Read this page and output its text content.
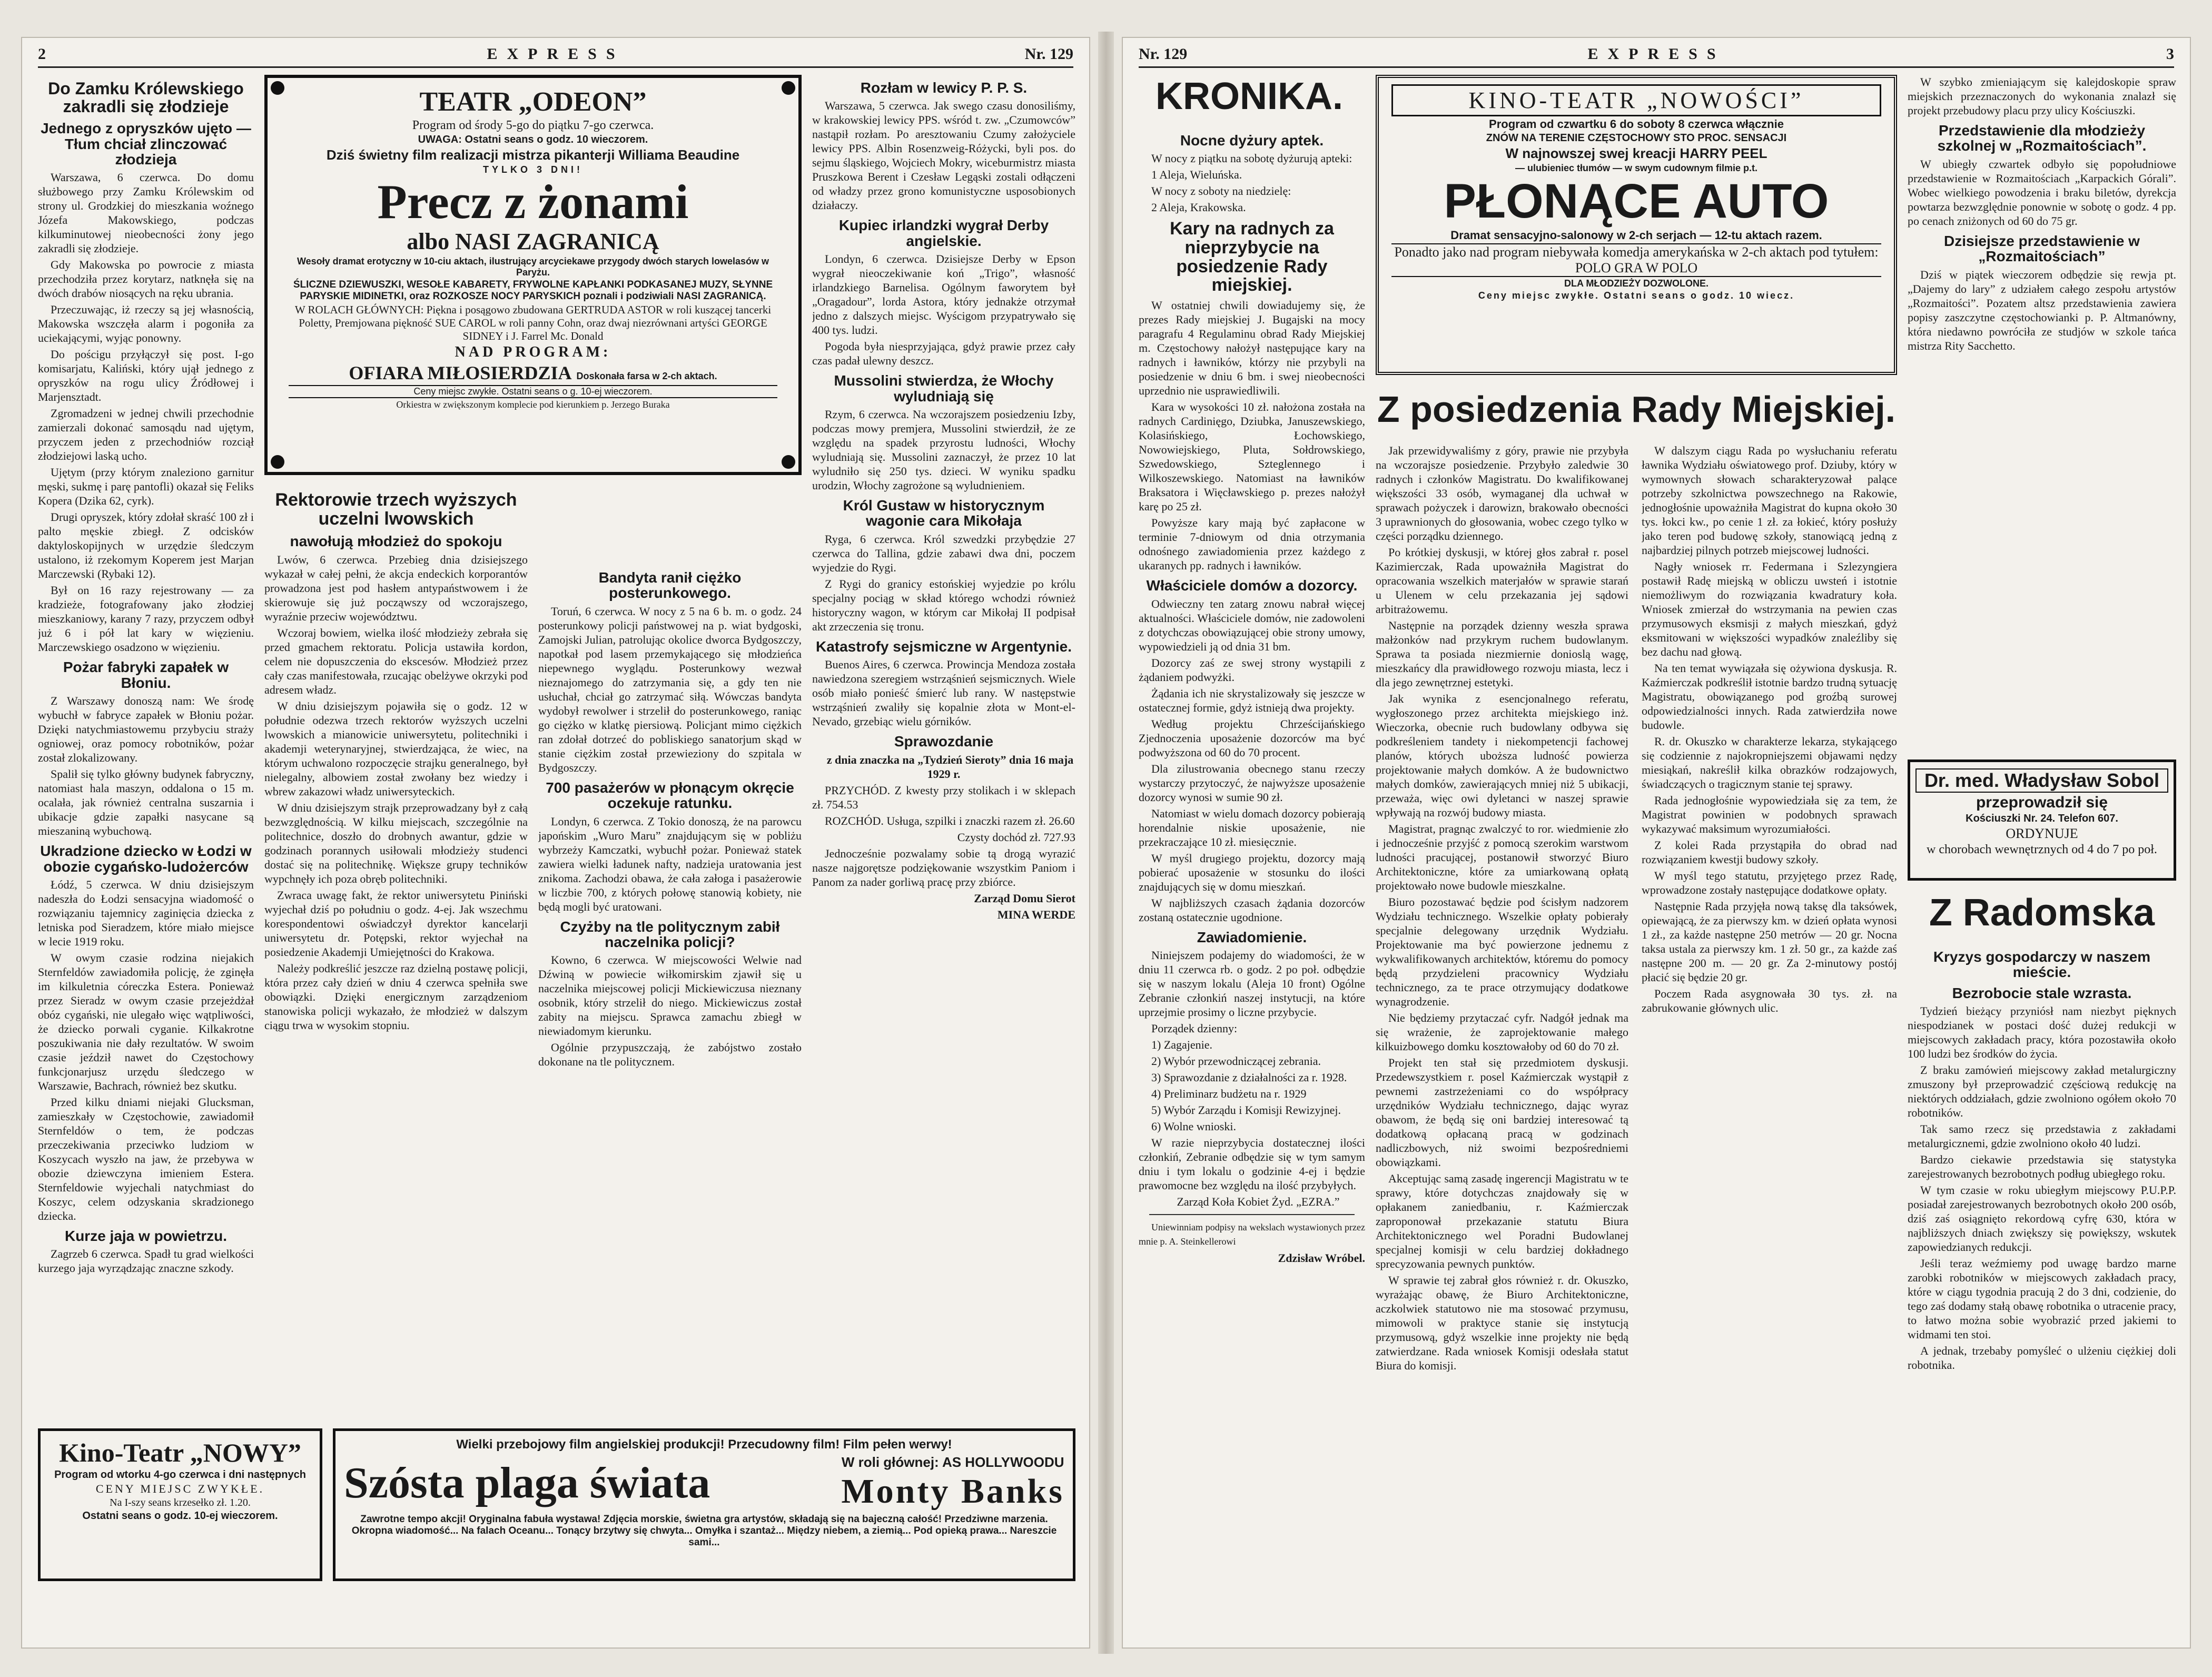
2	EXPRESS	Nr. 129
Do Zamku Królewskiego zakradli się złodzieje
Jednego z opryszków ujęto — Tłum chciał zlinczować złodzieja

Warszawa, 6 czerwca. Do domu służbowego przy Zamku Królewskim od strony ul. Grodzkiej do mieszkania woźnego Józefa Makowskiego, podczas kilkuminutowej nieobecności żony jego zakradli się złodzieje.

Gdy Makowska po powrocie z miasta przechodziła przez korytarz, natknęła się na dwóch drabów niosących na ręku ubrania.

Przeczuwając, iż rzeczy są jej własnością, Makowska wszczęła alarm i pogoniła za uciekającymi, wyjąc ponowny.

Do pościgu przyłączył się post. I-go komisarjatu, Kaliński, który ujął jednego z opryszków na rogu ulicy Źródłowej i Marjensztadt.

Zgromadzeni w jednej chwili przechodnie zamierzali dokonać samosądu nad ujętym, przyczem jeden z przechodniów rozciął złodziejowi laską ucho.

Ujętym (przy którym znaleziono garnitur męski, sukmę i parę pantofli) okazał się Feliks Kopera (Dzika 62, cyrk).

Drugi opryszek, który zdołał skraść 100 zł i palto męskie zbiegł. Z odcisków daktyloskopijnych w urzędzie śledczym ustalono, iż rzekomym Koperem jest Marjan Marczewski (Rybaki 12).

Był on 16 razy rejestrowany — za kradzieże, fotografowany jako złodziej mieszkaniowy, karany 7 razy, przyczem odbył już 6 i pół lat kary w więzieniu. Marczewskiego osadzono w więzieniu.

Pożar fabryki zapałek w Błoniu.

Z Warszawy donoszą nam: We środę wybuchł w fabryce zapałek w Błoniu pożar. Dzięki natychmiastowemu przybyciu straży ogniowej, oraz pomocy robotników, pożar został zlokalizowany.

Spalił się tylko główny budynek fabryczny, natomiast hala maszyn, oddalona o 15 m. ocalała, jak również centralna suszarnia i ubikacje gdzie zapałki nasycane są mieszaniną wybuchową.

Ukradzione dziecko w Łodzi w obozie cygańsko-ludożerców

Łódź, 5 czerwca. W dniu dzisiejszym nadeszła do Łodzi sensacyjna wiadomość o rozwiązaniu tajemnicy zaginięcia dziecka z letniska pod Sieradzem, które miało miejsce w lecie 1919 roku.

W owym czasie rodzina niejakich Sternfeldów zawiadomiła policję, że zginęła im kilkuletnia córeczka Estera. Ponieważ przez Sieradz w owym czasie przejeżdżał obóz cygański, nie ulegało więc wątpliwości, że dziecko porwali cyganie. Kilkakrotne poszukiwania nie dały rezultatów. W swoim czasie jeździł nawet do Częstochowy funkcjonarjusz urzędu śledczego w Warszawie, Bachrach, również bez skutku.

Przed kilku dniami niejaki Glucksman, zamieszkały w Częstochowie, zawiadomił Sternfeldów o tem, że podczas przeczekiwania przeciwko ludziom w Koszycach wyszło na jaw, że przebywa w obozie dziewczyna imieniem Estera. Sternfeldowie wyjechali natychmiast do Koszyc, celem odzyskania skradzionego dziecka.

Kurze jaja w powietrzu.

Zagrzeb 6 czerwca. Spadł tu grad wielkości kurzego jaja wyrządzając znaczne szkody.

TEATR „ODEON”
Program od środy 5-go do piątku 7-go czerwca.
UWAGA: Ostatni seans o godz. 10 wieczorem.
Dziś świetny film realizacji mistrza pikanterji Williama Beaudine
TYLKO 3 DNI!
Precz z żonami
albo NASI ZAGRANICĄ
Wesoły dramat erotyczny w 10-ciu aktach, ilustrujący arcyciekawe przygody dwóch starych lowelasów w Paryżu.
ŚLICZNE DZIEWUSZKI, WESOŁE KABARETY, FRYWOLNE KAPŁANKI PODKASANEJ MUZY, SŁYNNE PARYSKIE MIDINETKI, oraz ROZKOSZE NOCY PARYSKICH poznali i podziwiali NASI ZAGRANICĄ.
W ROLACH GŁÓWNYCH: Piękna i posągowo zbudowana GERTRUDA ASTOR w roli kuszącej tancerki Poletty, Premjowana piękność SUE CAROL w roli panny Cohn, oraz dwaj niezrównani artyści GEORGE SIDNEY i J. Farrel Mc. Donald
NAD PROGRAM:
OFIARA MIŁOSIERDZIA Doskonała farsa w 2-ch aktach.
Ceny miejsc zwykłe. Ostatni seans o g. 10-ej wieczorem.
Orkiestra w zwiększonym komplecie pod kierunkiem p. Jerzego Buraka
Rektorowie trzech wyższych uczelni lwowskich
nawołują młodzież do spokoju

Lwów, 6 czerwca. Przebieg dnia dzisiejszego wykazał w całej pełni, że akcja endeckich korporantów prowadzona jest pod hasłem antypaństwowem i że skierowuje się już począwszy od wczorajszego, wyraźnie przeciw województwu.

Wczoraj bowiem, wielka ilość młodzieży zebrała się przed gmachem rektoratu. Policja ustawiła kordon, celem nie dopuszczenia do ekscesów. Młodzież przez cały czas manifestowała, rzucając obelżywe okrzyki pod adresem władz.

W dniu dzisiejszym pojawiła się o godz. 12 w południe odezwa trzech rektorów wyższych uczelni lwowskich a mianowicie uniwersytetu, politechniki i akademji weterynaryjnej, stwierdzająca, że wiec, na którym uchwalono rozpoczęcie strajku generalnego, był nielegalny, albowiem został zwołany bez wiedzy i wbrew zakazowi władz uniwersyteckich.

W dniu dzisiejszym strajk przeprowadzany był z całą bezwzględnością. W kilku miejscach, szczególnie na politechnice, doszło do drobnych awantur, gdzie w godzinach porannych usiłowali młodzieży studenci dostać się na politechnikę. Większe grupy techników wypchnęły ich poza obręb politechniki.

Zwraca uwagę fakt, że rektor uniwersytetu Piniński wyjechał dziś po południu o godz. 4-ej. Jak wszechmu korespondentowi oświadczył dyrektor kancelarji uniwersytetu dr. Potępski, rektor wyjechał na posiedzenie Akademji Umiejętności do Krakowa.

Należy podkreślić jeszcze raz dzielną postawę policji, która przez cały dzień w dniu 4 czerwca spełniła swe obowiązki. Dzięki energicznym zarządzeniom stanowiska policji wykazało, że młodzież w dalszym ciągu trwa w wysokim stopniu.

Bandyta ranił ciężko posterunkowego.

Toruń, 6 czerwca. W nocy z 5 na 6 b. m. o godz. 24 posterunkowy policji państwowej na p. wiat bydgoski, Zamojski Julian, patrolując okolice dworca Bydgoszczy, napotkał pod lasem przemykającego się młodzieńca niepewnego wyglądu. Posterunkowy wezwał nieznajomego do zatrzymania się, a gdy ten nie usłuchał, chciał go zatrzymać siłą. Wówczas bandyta wydobył rewolwer i strzelił do posterunkowego, raniąc go ciężko w klatkę piersiową. Policjant mimo ciężkich ran zdołał dotrzeć do pobliskiego sanatorjum skąd w stanie ciężkim został przewieziony do szpitala w Bydgoszczy.

700 pasażerów w płonącym okręcie oczekuje ratunku.

Londyn, 6 czerwca. Z Tokio donoszą, że na parowcu japońskim „Wuro Maru” znajdującym się w pobliżu wybrzeży Kamczatki, wybuchł pożar. Ponieważ statek zawiera wielki ładunek nafty, nadzieja uratowania jest znikoma. Zachodzi obawa, że cała załoga i pasażerowie w liczbie 700, z których połowę stanowią kobiety, nie będą mogli być uratowani.

Czyżby na tle politycznym zabił naczelnika policji?

Kowno, 6 czerwca. W miejscowości Welwie nad Dźwiną w powiecie wiłkomirskim zjawił się u naczelnika miejscowej policji Mickiewiczusa nieznany osobnik, który strzelił do niego. Mickiewiczus został zabity na miejscu. Sprawca zamachu zbiegł w niewiadomym kierunku.

Ogólnie przypuszczają, że zabójstwo zostało dokonane na tle politycznem.

Rozłam w lewicy P. P. S.

Warszawa, 5 czerwca. Jak swego czasu donosiliśmy, w krakowskiej lewicy PPS. wśród t. zw. „Czumowców” nastąpił rozłam. Po aresztowaniu Czumy założyciele lewicy PPS. Albin Rosenzweig-Różycki, byli pos. do sejmu śląskiego, Wojciech Mokry, wiceburmistrz miasta Pruszkowa Berent i Czesław Legąski zostali odłączeni od władzy przez grono komunistyczne usposobionych działaczy.

Kupiec irlandzki wygrał Derby angielskie.

Londyn, 6 czerwca. Dzisiejsze Derby w Epson wygrał nieoczekiwanie koń „Trigo”, własność irlandzkiego Barnelisa. Ogólnym faworytem był „Oragadour”, lorda Astora, który jednakże otrzymał jedno z dalszych miejsc. Wyścigom przypatrywało się 400 tys. ludzi.

Pogoda była niesprzyjająca, gdyż prawie przez cały czas padał ulewny deszcz.

Mussolini stwierdza, że Włochy wyludniają się

Rzym, 6 czerwca. Na wczorajszem posiedzeniu Izby, podczas mowy premjera, Mussolini stwierdził, że ze względu na spadek przyrostu ludności, Włochy wyludniają się. Mussolini zaznaczył, że przez 10 lat wyludniło się 250 tys. dzieci. W wyniku spadku urodzin, Włochy zagrożone są wyludnieniem.

Król Gustaw w historycznym wagonie cara Mikołaja

Ryga, 6 czerwca. Król szwedzki przybędzie 27 czerwca do Tallina, gdzie zabawi dwa dni, poczem wyjedzie do Rygi.

Z Rygi do granicy estońskiej wyjedzie po królu specjalny pociąg w skład którego wchodzi również historyczny wagon, w którym car Mikołaj II podpisał akt zrzeczenia się tronu.

Katastrofy sejsmiczne w Argentynie.

Buenos Aires, 6 czerwca. Prowincja Mendoza została nawiedzona szeregiem wstrząśnień sejsmicznych. Wiele osób miało ponieść śmierć lub rany. W następstwie wstrząśnień zwaliły się kopalnie złota w Mont-el-Nevado, grzebiąc wielu górników.

Sprawozdanie

z dnia znaczka na „Tydzień Sieroty” dnia 16 maja 1929 r.

PRZYCHÓD. Z kwesty przy stolikach i w sklepach zł. 754.53

ROZCHÓD. Usługa, szpilki i znaczki razem zł. 26.60

Czysty dochód zł. 727.93

Jednocześnie pozwalamy sobie tą drogą wyrazić nasze najgorętsze podziękowanie wszystkim Paniom i Panom za nader gorliwą pracę przy zbiórce.

Zarząd Domu Sierot

MINA WERDE

Kino-Teatr „NOWY”
Program od wtorku 4-go czerwca i dni następnych
CENY MIEJSC ZWYKŁE.
Na I-szy seans krzesełko zł. 1.20.
Ostatni seans o godz. 10-ej wieczorem.
Wielki przebojowy film angielskiej produkcji! Przecudowny film! Film pełen werwy!
Szósta plaga świata	W roli głównej: AS HOLLYWOODU
Monty Banks
Zawrotne tempo akcji! Oryginalna fabuła wystawa! Zdjęcia morskie, świetna gra artystów, składają się na bajeczną całość! Przedziwne marzenia. Okropna wiadomość... Na falach Oceanu... Tonący brzytwy się chwyta... Omyłka i szantaż... Między niebem, a ziemią... Pod opieką prawa... Nareszcie sami...
Nr. 129	EXPRESS	3
KRONIKA.
Nocne dyżury aptek.

W nocy z piątku na sobotę dyżurują apteki:

1 Aleja, Wieluńska.

W nocy z soboty na niedzielę:

2 Aleja, Krakowska.

Kary na radnych za nieprzybycie na posiedzenie Rady miejskiej.

W ostatniej chwili dowiadujemy się, że prezes Rady miejskiej J. Bugajski na mocy paragrafu 4 Regulaminu obrad Rady Miejskiej m. Częstochowy nałożył następujące kary na radnych i ławników, którzy nie przybyli na posiedzenie w dniu 6 bm. i swej nieobecności uprzednio nie usprawiedliwili.

Kara w wysokości 10 zł. nałożona została na radnych Cardinięgo, Dziubka, Januszewskiego, Kolasińskiego, Łochowskiego, Nowowiejskiego, Pluta, Sołdrowskiego, Szwedowskiego, Szteglennego i Wilkoszewskiego. Natomiast na ławników Braksatora i Więcławskiego p. prezes nałożył karę po 25 zł.

Powyższe kary mają być zapłacone w terminie 7-dniowym od dnia otrzymania odnośnego zawiadomienia przez każdego z ukaranych pp. radnych i ławników.

Właściciele domów a dozorcy.

Odwieczny ten zatarg znowu nabrał więcej aktualności. Właściciele domów, nie zadowoleni z dotychczas obowiązującej obie strony umowy, wypowiedzieli ją od dnia 31 bm.

Dozorcy zaś ze swej strony wystąpili z żądaniem podwyżki.

Żądania ich nie skrystalizowały się jeszcze w ostatecznej formie, gdyż istnieją dwa projekty.

Według projektu Chrześcijańskiego Zjednoczenia uposażenie dozorców ma być podwyższona od 60 do 70 procent.

Dla zilustrowania obecnego stanu rzeczy wystarczy przytoczyć, że najwyższe uposażenie dozorcy wynosi w sumie 90 zł.

Natomiast w wielu domach dozorcy pobierają horendalnie niskie uposażenie, nie przekraczające 10 zł. miesięcznie.

W myśl drugiego projektu, dozorcy mają pobierać uposażenie w stosunku do ilości znajdujących się w domu mieszkań.

W najbliższych czasach żądania dozorców zostaną ostatecznie ugodnione.

Zawiadomienie.

Niniejszem podajemy do wiadomości, że w dniu 11 czerwca rb. o godz. 2 po poł. odbędzie się w naszym lokalu (Aleja 10 front) Ogólne Zebranie członkiń naszej instytucji, na które uprzejmie prosimy o liczne przybycie.

Porządek dzienny:

1) Zagajenie.

2) Wybór przewodniczącej zebrania.

3) Sprawozdanie z działalności za r. 1928.

4) Preliminarz budżetu na r. 1929

5) Wybór Zarządu i Komisji Rewizyjnej.

6) Wolne wnioski.

W razie nieprzybycia dostatecznej ilości członkiń, Zebranie odbędzie się w tym samym dniu i tym lokalu o godzinie 4-ej i będzie prawomocne bez względu na ilość przybyłych.

Zarząd Koła Kobiet Żyd. „EZRA.”

Uniewinniam podpisy na wekslach wystawionych przez mnie p. A. Steinkellerowi

Zdzisław Wróbel.

KINO-TEATR „NOWOŚCI”
Program od czwartku 6 do soboty 8 czerwca włącznie
ZNÓW NA TERENIE CZĘSTOCHOWY STO PROC. SENSACJI
W najnowszej swej kreacji HARRY PEEL
— ulubieniec tłumów — w swym cudownym filmie p.t.
PŁONĄCE AUTO
Dramat sensacyjno-salonowy w 2-ch serjach — 12-tu aktach razem.
Ponadto jako nad program niebywała komedja amerykańska w 2-ch aktach pod tytułem: POLO GRA W POLO
DLA MŁODZIEŻY DOZWOLONE.
Ceny miejsc zwykłe. Ostatni seans o godz. 10 wiecz.
Z posiedzenia Rady Miejskiej.

Jak przewidywaliśmy z góry, prawie nie przybyła na wczorajsze posiedzenie. Przybyło zaledwie 30 radnych i członków Magistratu. Do kwalifikowanej większości 33 osób, wymaganej dla uchwał w sprawach pożyczek i darowizn, brakowało obecności 3 uprawnionych do głosowania, wobec czego tylko w części porządku dziennego.

Po krótkiej dyskusji, w której głos zabrał r. posel Kazimierczak, Rada upoważniła Magistrat do opracowania wszelkich materjałów w sprawie starań u Ulenem w celu przekazania jej sądowi arbitrażowemu.

Następnie na porządek dzienny weszła sprawa małżonków nad przykrym ruchem budowlanym. Sprawa ta posiada niezmiernie donioslą wagę, mieszkańcy dla prawidłowego rozwoju miasta, lecz i dla jego zewnętrznej estetyki.

Jak wynika z esencjonalnego referatu, wygłoszonego przez architekta miejskiego inż. Wieczorka, obecnie ruch budowlany odbywa się podkreśleniem tandety i niekompetencji fachowej planów, których uboższa ludność powierza projektowanie małych domków. A że budownictwo małych domków, zawierających mniej niż 5 ubikacji, przeważa, więc owi dyletanci w naszej sprawie wpływają na rozwój budowy miasta.

Magistrat, pragnąc zwalczyć to ror. wiedmienie zło i jednocześnie przyjść z pomocą szerokim warstwom ludności pracującej, postanowił stworzyć Biuro Architektoniczne, które za umiarkowaną opłatą projektowało nowe budowle mieszkalne.

Biuro pozostawać będzie pod ścisłym nadzorem Wydziału technicznego. Wszelkie opłaty pobierały specjalnie delegowany urzędnik Wydziału. Projektowanie ma być powierzone jednemu z wykwalifikowanych architektów, któremu do pomocy będą przydzieleni pracownicy Wydziału technicznego, za te prace otrzymujący dodatkowe wynagrodzenie.

Nie będziemy przytaczać cyfr. Nadgół jednak ma się wrażenie, że zaprojektowanie małego kilkuizbowego domku kosztowałoby od 60 do 70 zł.

Projekt ten stał się przedmiotem dyskusji. Przedewszystkiem r. posel Kaźmierczak wystąpił z pewnemi zastrzeżeniami co do współpracy urzędników Wydziału technicznego, dając wyraz obawom, że będą się oni bardziej interesować tą dodatkową opłacaną pracą w godzinach nadliczbowych, niż swoimi bezpośredniemi obowiązkami.

Akceptując samą zasadę ingerencji Magistratu w te sprawy, które dotychczas znajdowały się w opłakanem zaniedbaniu, r. Kaźmierczak zaproponował przekazanie statutu Biura Architektonicznego wel Poradni Budowlanej specjalnej komisji w celu bardziej dokładnego sprecyzowania pewnych punktów.

W sprawie tej zabrał głos również r. dr. Okuszko, wyrażając obawę, że Biuro Architektoniczne, aczkolwiek statutowo nie ma stosować przymusu, mimowoli w praktyce stanie się instytucją przymusową, gdyż wszelkie inne projekty nie będą zatwierdzane. Rada wniosek Komisji odesłała statut Biura do komisji.

W dalszym ciągu Rada po wysłuchaniu referatu ławnika Wydziału oświatowego prof. Dziuby, który w wymownych słowach scharakteryzował palące potrzeby szkolnictwa powszechnego na Rakowie, jednogłośnie upoważniła Magistrat do kupna około 30 tys. łokci kw., po cenie 1 zł. za łokieć, który posłuży jako teren pod budowę szkoły, stanowiącą jedną z najbardziej pilnych potrzeb miejscowej ludności.

Nagły wniosek rr. Federmana i Szlezyngiera postawił Radę miejską w obliczu uwsteń i istotnie niemożliwym do rozwiązania kwadratury koła. Wniosek zmierzał do wstrzymania na pewien czas przymusowych eksmisji z małych mieszkań, gdyż eksmitowani w większości wypadków znaleźliby się bez dachu nad głową.

Na ten temat wywiązała się ożywiona dyskusja. R. Kaźmierczak podkreślił istotnie bardzo trudną sytuację Magistratu, obowiązanego pod groźbą surowej odpowiedzialności innych. Rada zatwierdziła nowe budowle.

R. dr. Okuszko w charakterze lekarza, stykającego się codziennie z najokropniejszemi objawami nędzy miesiąkań, nakreślił kilka obrazków rodzajowych, świadczących o tragicznym stanie tej sprawy.

Rada jednogłośnie wypowiedziała się za tem, że Magistrat powinien w podobnych sprawach wykazywać maksimum wyrozumiałości.

Z kolei Rada przystąpiła do obrad nad rozwiązaniem kwestji budowy szkoły.

W myśl tego statutu, przyjętego przez Radę, wprowadzone zostały następujące dodatkowe opłaty.

Następnie Rada przyjęła nową taksę dla taksówek, opiewającą, że za pierwszy km. w dzień opłata wynosi 1 zł., za każde następne 250 metrów — 20 gr. Nocna taksa ustala za pierwszy km. 1 zł. 50 gr., za każde zaś następne 200 m. — 20 gr. Za 2-minutowy postój płacić się będzie 20 gr.

Poczem Rada asygnowała 30 tys. zł. na zabrukowanie głównych ulic.

W szybko zmieniającym się kalejdoskopie spraw miejskich przeznaczonych do wykonania znalazł się projekt przebudowy placu przy ulicy Kościuszki.

Przedstawienie dla młodzieży szkolnej w „Rozmaitościach”.

W ubiegły czwartek odbyło się popołudniowe przedstawienie w Rozmaitościach „Karpackich Górali”. Wobec wielkiego powodzenia i braku biletów, dyrekcja powtarza bezwzględnie ponownie w sobotę o godz. 4 pp. po cenach zniżonych od 60 do 75 gr.

Dzisiejsze przedstawienie w „Rozmaitościach”

Dziś w piątek wieczorem odbędzie się rewja pt. „Dajemy do lary” z udziałem całego zespołu artystów „Rozmaitości”. Pozatem altsz przedstawienia zawiera popisy zaszczytne częstochowianki p. P. Altmanówny, która niedawno powróciła ze studjów w szkole tańca mistrza Rity Sacchetto.

Dr. med. Władysław Sobol
przeprowadził się
Kościuszki Nr. 24. Telefon 607.
ORDYNUJE
w chorobach wewnętrznych od 4 do 7 po poł.
Z Radomska
Kryzys gospodarczy w naszem mieście.
Bezrobocie stale wzrasta.

Tydzień bieżący przyniósł nam niezbyt pięknych niespodzianek w postaci dość dużej redukcji w miejscowych zakładach pracy, która pozostawiła około 100 ludzi bez środków do życia.

Z braku zamówień miejscowy zakład metalurgiczny zmuszony był przeprowadzić częściową redukcję na niektórych oddziałach, gdzie zwolniono ogółem około 70 robotników.

Tak samo rzecz się przedstawia z zakładami metalurgicznemi, gdzie zwolniono około 40 ludzi.

Bardzo ciekawie przedstawia się statystyka zarejestrowanych bezrobotnych podług ubiegłego roku.

W tym czasie w roku ubiegłym miejscowy P.U.P.P. posiadał zarejestrowanych bezrobotnych około 200 osób, dziś zaś osiągnięto rekordową cyfrę 630, która w najbliższych dniach zwiększy się powiększy, wskutek zapowiedzianych redukcji.

Jeśli teraz weźmiemy pod uwagę bardzo marne zarobki robotników w miejscowych zakładach pracy, które w ciągu tygodnia pracują 2 do 3 dni, codzienie, do tego zaś dodamy stałą obawę robotnika o utracenie pracy, to łatwo można sobie wyobrazić przed jakiemi to widmami ten stoi.

A jednak, trzebaby pomyśleć o ulżeniu ciężkiej doli robotnika.
